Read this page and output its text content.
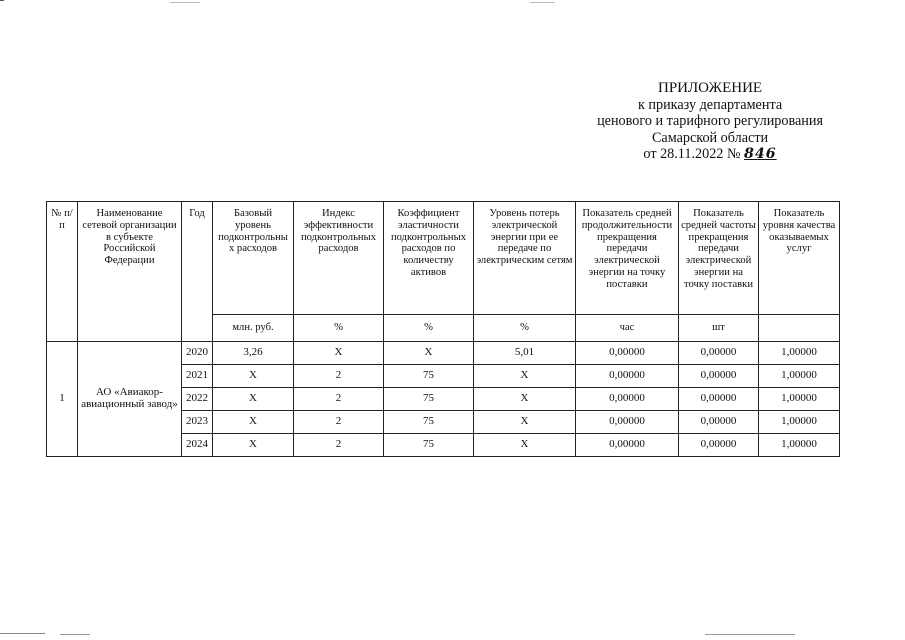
ПРИЛОЖЕНИЕ
к приказу департамента
ценового и тарифного регулирования
Самарской области
от 28.11.2022 № 846
№ п/п	Наименование сетевой организации в субъекте Российской Федерации	Год	Базовый уровень подконтрольны х расходов	Индекс эффективности подконтрольных расходов	Коэффициент эластичности подконтрольных расходов по количеству активов	Уровень потерь электрической энергии при ее передаче по электрическим сетям	Показатель средней продолжительности прекращения передачи электрической энергии на точку поставки	Показатель средней частоты прекращения передачи электрической энергии на точку поставки	Показатель уровня качества оказываемых услуг
			млн. руб.	%	%	%	час	шт	
1	АО «Авиакор-авиационный завод»	2020	3,26	X	X	5,01	0,00000	0,00000	1,00000
		2021	X	2	75	X	0,00000	0,00000	1,00000
		2022	X	2	75	X	0,00000	0,00000	1,00000
		2023	X	2	75	X	0,00000	0,00000	1,00000
		2024	X	2	75	X	0,00000	0,00000	1,00000
